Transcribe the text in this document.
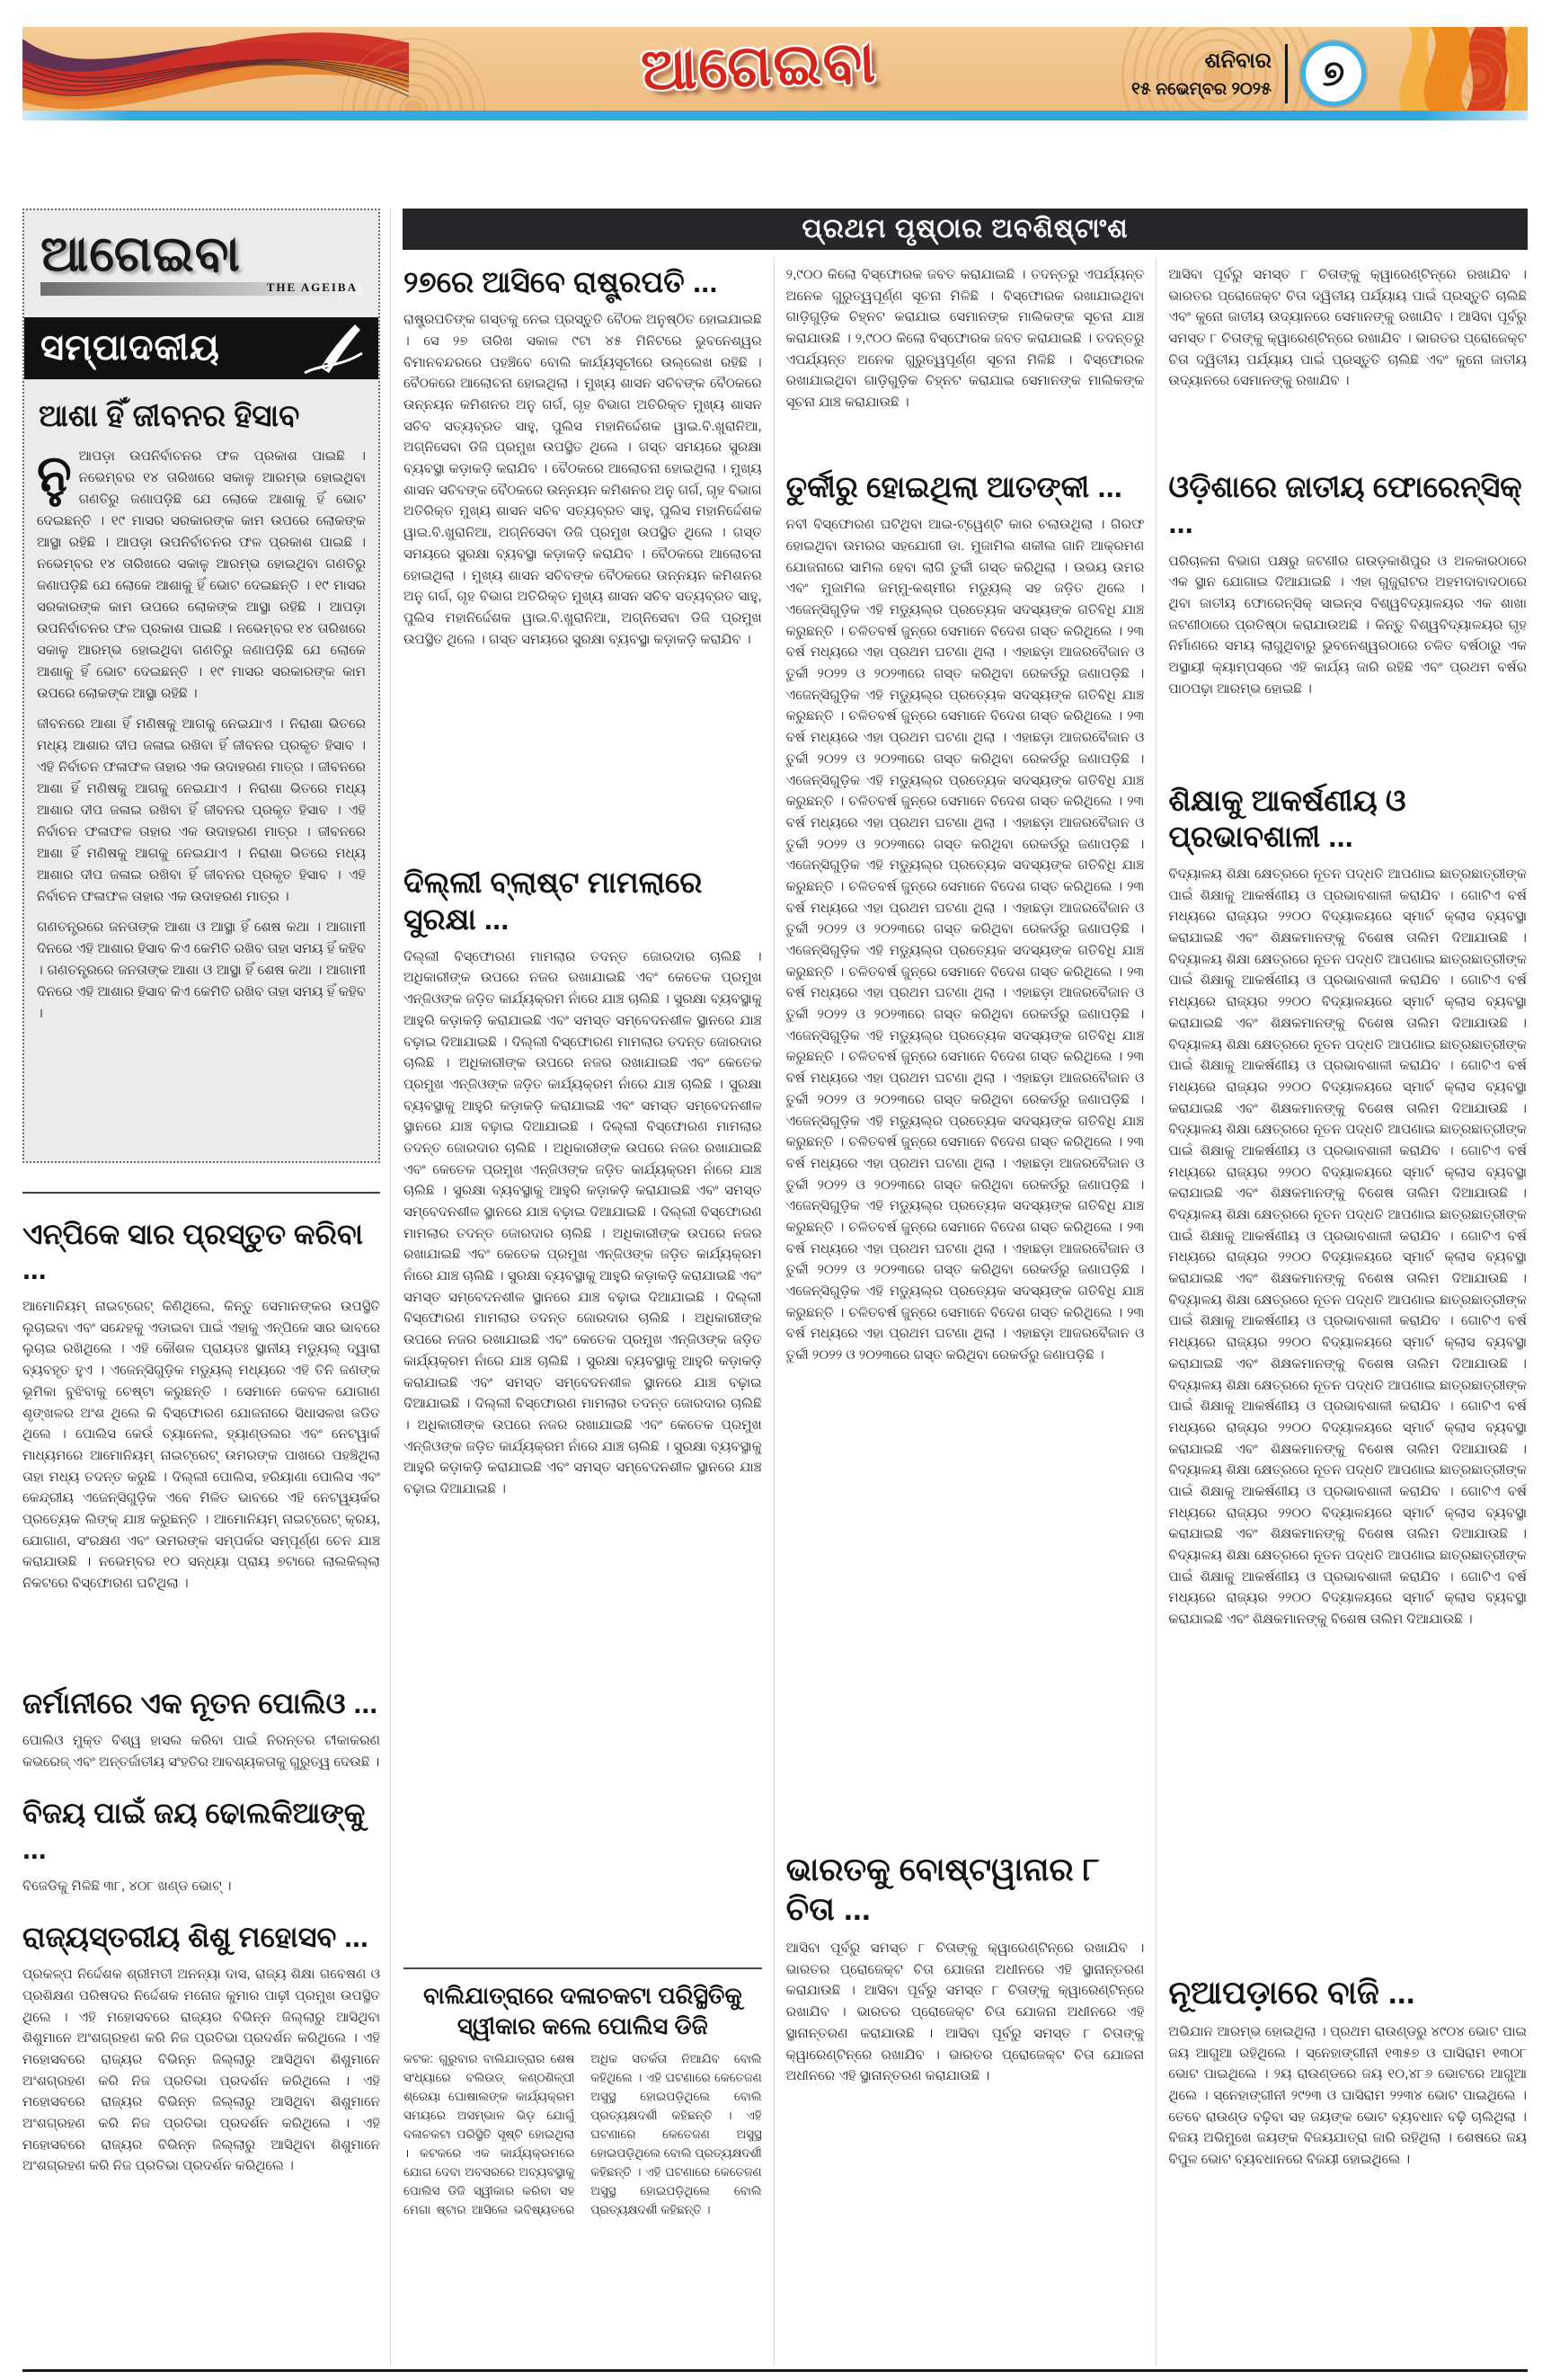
ଆଗେଇବା	ଶନିବାର
୧୫ ନଭେମ୍ବର ୨୦୨୫ ୭
ଆଗେଇବା
THE AGEIBA
ସମ୍ପାଦକୀୟ
ଆଶା ହିଁ ଜୀବନର ହିସାବ

ନୁଆପଡ଼ା ଉପନିର୍ବାଚନର ଫଳ ପ୍ରକାଶ ପାଇଛି । ନଭେମ୍ବର ୧୪ ତାରିଖରେ ସକାଳୁ ଆରମ୍ଭ ହୋଇଥିବା ଗଣତିରୁ ଜଣାପଡ଼ିଛି ଯେ ଲୋକେ ଆଶାକୁ ହିଁ ଭୋଟ ଦେଇଛନ୍ତି । ୧୯ ମାସର ସରକାରଙ୍କ କାମ ଉପରେ ଲୋକଙ୍କ ଆସ୍ଥା ରହିଛି । ଆପଡ଼ା ଉପନିର୍ବାଚନର ଫଳ ପ୍ରକାଶ ପାଇଛି । ନଭେମ୍ବର ୧୪ ତାରିଖରେ ସକାଳୁ ଆରମ୍ଭ ହୋଇଥିବା ଗଣତିରୁ ଜଣାପଡ଼ିଛି ଯେ ଲୋକେ ଆଶାକୁ ହିଁ ଭୋଟ ଦେଇଛନ୍ତି । ୧୯ ମାସର ସରକାରଙ୍କ କାମ ଉପରେ ଲୋକଙ୍କ ଆସ୍ଥା ରହିଛି । ଆପଡ଼ା ଉପନିର୍ବାଚନର ଫଳ ପ୍ରକାଶ ପାଇଛି । ନଭେମ୍ବର ୧୪ ତାରିଖରେ ସକାଳୁ ଆରମ୍ଭ ହୋଇଥିବା ଗଣତିରୁ ଜଣାପଡ଼ିଛି ଯେ ଲୋକେ ଆଶାକୁ ହିଁ ଭୋଟ ଦେଇଛନ୍ତି । ୧୯ ମାସର ସରକାରଙ୍କ କାମ ଉପରେ ଲୋକଙ୍କ ଆସ୍ଥା ରହିଛି ।

ଜୀବନରେ ଆଶା ହିଁ ମଣିଷକୁ ଆଗକୁ ନେଇଯାଏ । ନିରାଶା ଭିତରେ ମଧ୍ୟ ଆଶାର ଦୀପ ଜଳାଇ ରଖିବା ହିଁ ଜୀବନର ପ୍ରକୃତ ହିସାବ । ଏହି ନିର୍ବାଚନ ଫଳାଫଳ ତାହାର ଏକ ଉଦାହରଣ ମାତ୍ର । ଜୀବନରେ ଆଶା ହିଁ ମଣିଷକୁ ଆଗକୁ ନେଇଯାଏ । ନିରାଶା ଭିତରେ ମଧ୍ୟ ଆଶାର ଦୀପ ଜଳାଇ ରଖିବା ହିଁ ଜୀବନର ପ୍ରକୃତ ହିସାବ । ଏହି ନିର୍ବାଚନ ଫଳାଫଳ ତାହାର ଏକ ଉଦାହରଣ ମାତ୍ର । ଜୀବନରେ ଆଶା ହିଁ ମଣିଷକୁ ଆଗକୁ ନେଇଯାଏ । ନିରାଶା ଭିତରେ ମଧ୍ୟ ଆଶାର ଦୀପ ଜଳାଇ ରଖିବା ହିଁ ଜୀବନର ପ୍ରକୃତ ହିସାବ । ଏହି ନିର୍ବାଚନ ଫଳାଫଳ ତାହାର ଏକ ଉଦାହରଣ ମାତ୍ର ।

ଗଣତନ୍ତ୍ରରେ ଜନତାଙ୍କ ଆଶା ଓ ଆସ୍ଥା ହିଁ ଶେଷ କଥା । ଆଗାମୀ ଦିନରେ ଏହି ଆଶାର ହିସାବ କିଏ କେମିତି ରଖିବ ତାହା ସମୟ ହିଁ କହିବ । ଗଣତନ୍ତ୍ରରେ ଜନତାଙ୍କ ଆଶା ଓ ଆସ୍ଥା ହିଁ ଶେଷ କଥା । ଆଗାମୀ ଦିନରେ ଏହି ଆଶାର ହିସାବ କିଏ କେମିତି ରଖିବ ତାହା ସମୟ ହିଁ କହିବ ।

ଏନ୍‌ପିକେ ସାର ପ୍ରସ୍ତୁତ କରିବା ...
ଆମୋନିୟମ୍ ନାଇଟ୍ରେଟ୍ କିଣିଥିଲେ, କିନ୍ତୁ ସେମାନଙ୍କର ଉପସ୍ଥିତି ଲୁଚାଇବା ଏବଂ ସନ୍ଦେହକୁ ଏଡାଇବା ପାଇଁ ଏହାକୁ ଏନ୍‌ପିକେ ସାର ଭାବରେ ଲୁଚାଇ ରଖିଥିଲେ । ଏହି କୌଶଳ ପ୍ରାୟତଃ ସ୍ଥାନୀୟ ମଡ୍ୟୁଲ୍ ଦ୍ୱାରା ବ୍ୟବହୃତ ହୁଏ । ଏଜେନ୍ସିଗୁଡ଼ିକ ମଡ୍ୟୁଲ୍ ମଧ୍ୟରେ ଏହି ତିନି ଜଣଙ୍କ ଭୂମିକା ବୁଝିବାକୁ ଚେଷ୍ଟା କରୁଛନ୍ତି । ସେମାନେ କେବଳ ଯୋଗାଣ ଶୃଙ୍ଖଳର ଅଂଶ ଥିଲେ କି ବିସ୍ଫୋରଣ ଯୋଜନାରେ ସିଧାସଳଖ ଜଡିତ ଥିଲେ । ପୋଲିସ କେଉଁ ଚ୍ୟାନେଲ, ହ୍ୟାଣ୍ଡଲର ଏବଂ ନେଟୱାର୍କ ମାଧ୍ୟମରେ ଆମୋନିୟମ୍ ନାଇଟ୍ରେଟ୍ ଉମରଙ୍କ ପାଖରେ ପହଞ୍ଚିଥିଲା ତାହା ମଧ୍ୟ ତଦନ୍ତ କରୁଛି । ଦିଲ୍ଲୀ ପୋଲିସ, ହରିୟାଣା ପୋଲିସ ଏବଂ କେନ୍ଦ୍ରୀୟ ଏଜେନ୍ସିଗୁଡ଼ିକ ଏବେ ମିଳିତ ଭାବରେ ଏହି ନେଟୱ୍ୟର୍କର ପ୍ରତ୍ୟେକ ଲିଙ୍କ୍ ଯାଞ୍ଚ କରୁଛନ୍ତି । ଆମୋନିୟମ୍ ନାଇଟ୍ରେଟ୍ କ୍ରୟ, ଯୋଗାଣ, ସଂରକ୍ଷଣ ଏବଂ ଉମରଙ୍କ ସମ୍ପର୍କର ସମ୍ପୂର୍ଣ୍ଣ ଚେନ ଯାଞ୍ଚ କରାଯାଉଛି । ନଭେମ୍ବର ୧୦ ସନ୍ଧ୍ୟା ପ୍ରାୟ ୭ଟାରେ ଲାଲକିଲ୍ଲା ନିକଟରେ ବିସ୍ଫୋରଣ ଘଟିଥିଲା ।
ଜର୍ମାନୀରେ ଏକ ନୂତନ ପୋଲିଓ ...
ପୋଲିଓ ମୁକ୍ତ ବିଶ୍ୱ ହାସଲ କରିବା ପାଇଁ ନିରନ୍ତର ଟୀକାକରଣ କଭରେଜ୍ ଏବଂ ଅନ୍ତର୍ଜାତୀୟ ସଂହତିର ଆବଶ୍ୟକତାକୁ ଗୁରୁତ୍ୱ ଦେଉଛି ।
ବିଜୟ ପାଇଁ ଜୟ ଢୋଲକିଆଙ୍କୁ ...
ବିଜେଡିକୁ ମିଳିଛି ୩୮, ୪୦୮ ଖଣ୍ଡ ଭୋଟ୍ ।
ରାଜ୍ୟସ୍ତରୀୟ ଶିଶୁ ମହୋସବ ...
ପ୍ରକଳ୍ପ ନିର୍ଦ୍ଦେଶକ ଶ୍ରୀମତୀ ଅନନ୍ୟା ଦାସ, ରାଜ୍ୟ ଶିକ୍ଷା ଗବେଷଣ ଓ ପ୍ରଶିକ୍ଷଣ ପରିଷଦର ନିର୍ଦ୍ଦେଶକ ମନୋଜ କୁମାର ପାଢ଼ୀ ପ୍ରମୁଖ ଉପସ୍ଥିତ ଥିଲେ । ଏହି ମହୋସବରେ ରାଜ୍ୟର ବିଭିନ୍ନ ଜିଲ୍ଲାରୁ ଆସିଥିବା ଶିଶୁମାନେ ଅଂଶଗ୍ରହଣ କରି ନିଜ ପ୍ରତିଭା ପ୍ରଦର୍ଶନ କରିଥିଲେ । ଏହି ମହୋସବରେ ରାଜ୍ୟର ବିଭିନ୍ନ ଜିଲ୍ଲାରୁ ଆସିଥିବା ଶିଶୁମାନେ ଅଂଶଗ୍ରହଣ କରି ନିଜ ପ୍ରତିଭା ପ୍ରଦର୍ଶନ କରିଥିଲେ । ଏହି ମହୋସବରେ ରାଜ୍ୟର ବିଭିନ୍ନ ଜିଲ୍ଲାରୁ ଆସିଥିବା ଶିଶୁମାନେ ଅଂଶଗ୍ରହଣ କରି ନିଜ ପ୍ରତିଭା ପ୍ରଦର୍ଶନ କରିଥିଲେ । ଏହି ମହୋସବରେ ରାଜ୍ୟର ବିଭିନ୍ନ ଜିଲ୍ଲାରୁ ଆସିଥିବା ଶିଶୁମାନେ ଅଂଶଗ୍ରହଣ କରି ନିଜ ପ୍ରତିଭା ପ୍ରଦର୍ଶନ କରିଥିଲେ ।
ପ୍ରଥମ ପୃଷ୍ଠାର ଅବଶିଷ୍ଟାଂଶ
୨୭ରେ ଆସିବେ ରାଷ୍ଟ୍ରପତି ...
ରାଷ୍ଟ୍ରପତିଙ୍କ ଗସ୍ତକୁ ନେଇ ପ୍ରସ୍ତୁତି ବୈଠକ ଅନୁଷ୍ଠିତ ହୋଇଯାଇଛି । ସେ ୨୭ ତାରିଖ ସକାଳ ୯ଟା ୪୫ ମିନିଟରେ ଭୁବନେଶ୍ୱର ବିମାନବନ୍ଦରରେ ପହଞ୍ଚିବେ ବୋଲି କାର୍ଯ୍ୟସୂଚୀରେ ଉଲ୍ଲେଖ ରହିଛି । ବୈଠକରେ ଆଲୋଚନା ହୋଇଥିଲା । ମୁଖ୍ୟ ଶାସନ ସଚିବଙ୍କ ବୈଠକରେ ଉନ୍ନୟନ କମିଶନର ଅନୁ ଗର୍ଗ, ଗୃହ ବିଭାଗ ଅତିରିକ୍ତ ମୁଖ୍ୟ ଶାସନ ସଚିବ ସତ୍ୟବ୍ରତ ସାହୁ, ପୁଲିସ ମହାନିର୍ଦ୍ଦେଶକ ୱାଇ.ବି.ଖୁରାନିଆ, ଅଗ୍ନିସେବା ଡିଜି ପ୍ରମୁଖ ଉପସ୍ଥିତ ଥିଲେ । ଗସ୍ତ ସମୟରେ ସୁରକ୍ଷା ବ୍ୟବସ୍ଥା କଡ଼ାକଡ଼ି କରାଯିବ । ବୈଠକରେ ଆଲୋଚନା ହୋଇଥିଲା । ମୁଖ୍ୟ ଶାସନ ସଚିବଙ୍କ ବୈଠକରେ ଉନ୍ନୟନ କମିଶନର ଅନୁ ଗର୍ଗ, ଗୃହ ବିଭାଗ ଅତିରିକ୍ତ ମୁଖ୍ୟ ଶାସନ ସଚିବ ସତ୍ୟବ୍ରତ ସାହୁ, ପୁଲିସ ମହାନିର୍ଦ୍ଦେଶକ ୱାଇ.ବି.ଖୁରାନିଆ, ଅଗ୍ନିସେବା ଡିଜି ପ୍ରମୁଖ ଉପସ୍ଥିତ ଥିଲେ । ଗସ୍ତ ସମୟରେ ସୁରକ୍ଷା ବ୍ୟବସ୍ଥା କଡ଼ାକଡ଼ି କରାଯିବ । ବୈଠକରେ ଆଲୋଚନା ହୋଇଥିଲା । ମୁଖ୍ୟ ଶାସନ ସଚିବଙ୍କ ବୈଠକରେ ଉନ୍ନୟନ କମିଶନର ଅନୁ ଗର୍ଗ, ଗୃହ ବିଭାଗ ଅତିରିକ୍ତ ମୁଖ୍ୟ ଶାସନ ସଚିବ ସତ୍ୟବ୍ରତ ସାହୁ, ପୁଲିସ ମହାନିର୍ଦ୍ଦେଶକ ୱାଇ.ବି.ଖୁରାନିଆ, ଅଗ୍ନିସେବା ଡିଜି ପ୍ରମୁଖ ଉପସ୍ଥିତ ଥିଲେ । ଗସ୍ତ ସମୟରେ ସୁରକ୍ଷା ବ୍ୟବସ୍ଥା କଡ଼ାକଡ଼ି କରାଯିବ ।
ଦିଲ୍ଲୀ ବ୍ଲାଷ୍ଟ ମାମଲାରେ ସୁରକ୍ଷା ...
ଦିଲ୍ଲୀ ବିସ୍ଫୋରଣ ମାମଲାର ତଦନ୍ତ ଜୋରଦାର ଚାଲିଛି । ଅଧିକାରୀଙ୍କ ଉପରେ ନଜର ରଖାଯାଇଛି ଏବଂ କେତେକ ପ୍ରମୁଖ ଏନ୍‌ଜିଓଙ୍କ ଜଡ଼ିତ କାର୍ଯ୍ୟକ୍ରମ ନାଁରେ ଯାଞ୍ଚ ଚାଲିଛି । ସୁରକ୍ଷା ବ୍ୟବସ୍ଥାକୁ ଆହୁରି କଡ଼ାକଡ଼ି କରାଯାଇଛି ଏବଂ ସମସ୍ତ ସମ୍ବେଦନଶୀଳ ସ୍ଥାନରେ ଯାଞ୍ଚ ବଢ଼ାଇ ଦିଆଯାଇଛି । ଦିଲ୍ଲୀ ବିସ୍ଫୋରଣ ମାମଲାର ତଦନ୍ତ ଜୋରଦାର ଚାଲିଛି । ଅଧିକାରୀଙ୍କ ଉପରେ ନଜର ରଖାଯାଇଛି ଏବଂ କେତେକ ପ୍ରମୁଖ ଏନ୍‌ଜିଓଙ୍କ ଜଡ଼ିତ କାର୍ଯ୍ୟକ୍ରମ ନାଁରେ ଯାଞ୍ଚ ଚାଲିଛି । ସୁରକ୍ଷା ବ୍ୟବସ୍ଥାକୁ ଆହୁରି କଡ଼ାକଡ଼ି କରାଯାଇଛି ଏବଂ ସମସ୍ତ ସମ୍ବେଦନଶୀଳ ସ୍ଥାନରେ ଯାଞ୍ଚ ବଢ଼ାଇ ଦିଆଯାଇଛି । ଦିଲ୍ଲୀ ବିସ୍ଫୋରଣ ମାମଲାର ତଦନ୍ତ ଜୋରଦାର ଚାଲିଛି । ଅଧିକାରୀଙ୍କ ଉପରେ ନଜର ରଖାଯାଇଛି ଏବଂ କେତେକ ପ୍ରମୁଖ ଏନ୍‌ଜିଓଙ୍କ ଜଡ଼ିତ କାର୍ଯ୍ୟକ୍ରମ ନାଁରେ ଯାଞ୍ଚ ଚାଲିଛି । ସୁରକ୍ଷା ବ୍ୟବସ୍ଥାକୁ ଆହୁରି କଡ଼ାକଡ଼ି କରାଯାଇଛି ଏବଂ ସମସ୍ତ ସମ୍ବେଦନଶୀଳ ସ୍ଥାନରେ ଯାଞ୍ଚ ବଢ଼ାଇ ଦିଆଯାଇଛି । ଦିଲ୍ଲୀ ବିସ୍ଫୋରଣ ମାମଲାର ତଦନ୍ତ ଜୋରଦାର ଚାଲିଛି । ଅଧିକାରୀଙ୍କ ଉପରେ ନଜର ରଖାଯାଇଛି ଏବଂ କେତେକ ପ୍ରମୁଖ ଏନ୍‌ଜିଓଙ୍କ ଜଡ଼ିତ କାର୍ଯ୍ୟକ୍ରମ ନାଁରେ ଯାଞ୍ଚ ଚାଲିଛି । ସୁରକ୍ଷା ବ୍ୟବସ୍ଥାକୁ ଆହୁରି କଡ଼ାକଡ଼ି କରାଯାଇଛି ଏବଂ ସମସ୍ତ ସମ୍ବେଦନଶୀଳ ସ୍ଥାନରେ ଯାଞ୍ଚ ବଢ଼ାଇ ଦିଆଯାଇଛି । ଦିଲ୍ଲୀ ବିସ୍ଫୋରଣ ମାମଲାର ତଦନ୍ତ ଜୋରଦାର ଚାଲିଛି । ଅଧିକାରୀଙ୍କ ଉପରେ ନଜର ରଖାଯାଇଛି ଏବଂ କେତେକ ପ୍ରମୁଖ ଏନ୍‌ଜିଓଙ୍କ ଜଡ଼ିତ କାର୍ଯ୍ୟକ୍ରମ ନାଁରେ ଯାଞ୍ଚ ଚାଲିଛି । ସୁରକ୍ଷା ବ୍ୟବସ୍ଥାକୁ ଆହୁରି କଡ଼ାକଡ଼ି କରାଯାଇଛି ଏବଂ ସମସ୍ତ ସମ୍ବେଦନଶୀଳ ସ୍ଥାନରେ ଯାଞ୍ଚ ବଢ଼ାଇ ଦିଆଯାଇଛି । ଦିଲ୍ଲୀ ବିସ୍ଫୋରଣ ମାମଲାର ତଦନ୍ତ ଜୋରଦାର ଚାଲିଛି । ଅଧିକାରୀଙ୍କ ଉପରେ ନଜର ରଖାଯାଇଛି ଏବଂ କେତେକ ପ୍ରମୁଖ ଏନ୍‌ଜିଓଙ୍କ ଜଡ଼ିତ କାର୍ଯ୍ୟକ୍ରମ ନାଁରେ ଯାଞ୍ଚ ଚାଲିଛି । ସୁରକ୍ଷା ବ୍ୟବସ୍ଥାକୁ ଆହୁରି କଡ଼ାକଡ଼ି କରାଯାଇଛି ଏବଂ ସମସ୍ତ ସମ୍ବେଦନଶୀଳ ସ୍ଥାନରେ ଯାଞ୍ଚ ବଢ଼ାଇ ଦିଆଯାଇଛି ।
ବାଲିଯାତ୍ରାରେ ଦଳାଚକଟା ପରିସ୍ଥିତିକୁ ସ୍ୱୀକାର କଲେ ପୋଲିସ ଡିଜି
କଟକ: ଗୁରୁବାର ବାଲିଯାତ୍ରାର ଶେଷ ସଂଧ୍ୟାରେ ବଲିଉଡ୍ କଣ୍ଠଶିଳ୍ପୀ ଶ୍ରେୟା ଘୋଷାଲଙ୍କ କାର୍ଯ୍ୟକ୍ରମ ସମୟରେ ଅସମ୍ଭାଳ ଭିଡ଼ ଯୋଗୁଁ ଦଳାଚକଟା ପରିସ୍ଥିତି ସୃଷ୍ଟି ହୋଇଥିଲା । କଟକରେ ଏକ କାର୍ଯ୍ୟକ୍ରମରେ ଯୋଗ ଦେବା ଅବସରରେ ଅବ୍ୟବସ୍ଥାକୁ ପୋଲିସ ଡିଜି ସ୍ୱୀକାର କରିବା ସହ ମେଗା ଷ୍ଟାର ଆସିଲେ ଭବିଷ୍ୟତରେ ଅଧିକ ସତର୍କତା ନିଆଯିବ ବୋଲି କହିଥିଲେ । ଏହି ଘଟଣାରେ କେତେଜଣ ଅସୁସ୍ଥ ହୋଇପଡ଼ିଥିଲେ ବୋଲି ପ୍ରତ୍ୟକ୍ଷଦର୍ଶୀ କହିଛନ୍ତି । ଏହି ଘଟଣାରେ କେତେଜଣ ଅସୁସ୍ଥ ହୋଇପଡ଼ିଥିଲେ ବୋଲି ପ୍ରତ୍ୟକ୍ଷଦର୍ଶୀ କହିଛନ୍ତି । ଏହି ଘଟଣାରେ କେତେଜଣ ଅସୁସ୍ଥ ହୋଇପଡ଼ିଥିଲେ ବୋଲି ପ୍ରତ୍ୟକ୍ଷଦର୍ଶୀ କହିଛନ୍ତି ।
୨,୯୦୦ କିଲୋ ବିସ୍ଫୋରକ ଜବତ କରାଯାଇଛି । ତଦନ୍ତରୁ ଏପର୍ଯ୍ୟନ୍ତ ଅନେକ ଗୁରୁତ୍ୱପୂର୍ଣ୍ଣ ସୂଚନା ମିଳିଛି । ବିସ୍ଫୋରକ ରଖାଯାଇଥିବା ଗାଡ଼ିଗୁଡ଼ିକ ଚିହ୍ନଟ କରାଯାଇ ସେମାନଙ୍କ ମାଲିକଙ୍କ ସୂଚନା ଯାଞ୍ଚ କରାଯାଉଛି । ୨,୯୦୦ କିଲୋ ବିସ୍ଫୋରକ ଜବତ କରାଯାଇଛି । ତଦନ୍ତରୁ ଏପର୍ଯ୍ୟନ୍ତ ଅନେକ ଗୁରୁତ୍ୱପୂର୍ଣ୍ଣ ସୂଚନା ମିଳିଛି । ବିସ୍ଫୋରକ ରଖାଯାଇଥିବା ଗାଡ଼ିଗୁଡ଼ିକ ଚିହ୍ନଟ କରାଯାଇ ସେମାନଙ୍କ ମାଲିକଙ୍କ ସୂଚନା ଯାଞ୍ଚ କରାଯାଉଛି ।
ତୁର୍କୀରୁ ହୋଇଥିଲା ଆତଙ୍କୀ ...
ନବୀ ବିସ୍ଫୋରଣ ଘଟିଥିବା ଆଇ-ଟ୍ୱେଣ୍ଟି କାର ଚଲାଉଥିଲା । ଗିରଫ ହୋଇଥିବା ଉମରର ସହଯୋଗୀ ଡା. ମୁଜାମିଲ ଶକୀଲ ଗାନି ଆକ୍ରମଣ ଯୋଜନାରେ ସାମିଲ ହେବା ଲାଗି ତୁର୍କୀ ଗସ୍ତ କରିଥିଲା । ଉଭୟ ଉମର ଏବଂ ମୁଜାମିଲ ଜମ୍ମୁ-କଶ୍ମୀର ମଡ୍ୟୁଲ୍ ସହ ଜଡ଼ିତ ଥିଲେ । ଏଜେନ୍ସିଗୁଡ଼ିକ ଏହି ମଡ୍ୟୁଲ୍‌ର ପ୍ରତ୍ୟେକ ସଦସ୍ୟଙ୍କ ଗତିବିଧି ଯାଞ୍ଚ କରୁଛନ୍ତି । ଚଳିତବର୍ଷ ଜୁନ୍‌ରେ ସେମାନେ ବିଦେଶ ଗସ୍ତ କରିଥିଲେ । ୨୩ ବର୍ଷ ମଧ୍ୟରେ ଏହା ପ୍ରଥମ ଘଟଣା ଥିଲା । ଏହାଛଡ଼ା ଆଜରବୈଜାନ ଓ ତୁର୍କୀ ୨୦୨୨ ଓ ୨୦୨୩ରେ ଗସ୍ତ କରିଥିବା ରେକର୍ଡରୁ ଜଣାପଡ଼ିଛି । ଏଜେନ୍ସିଗୁଡ଼ିକ ଏହି ମଡ୍ୟୁଲ୍‌ର ପ୍ରତ୍ୟେକ ସଦସ୍ୟଙ୍କ ଗତିବିଧି ଯାଞ୍ଚ କରୁଛନ୍ତି । ଚଳିତବର୍ଷ ଜୁନ୍‌ରେ ସେମାନେ ବିଦେଶ ଗସ୍ତ କରିଥିଲେ । ୨୩ ବର୍ଷ ମଧ୍ୟରେ ଏହା ପ୍ରଥମ ଘଟଣା ଥିଲା । ଏହାଛଡ଼ା ଆଜରବୈଜାନ ଓ ତୁର୍କୀ ୨୦୨୨ ଓ ୨୦୨୩ରେ ଗସ୍ତ କରିଥିବା ରେକର୍ଡରୁ ଜଣାପଡ଼ିଛି । ଏଜେନ୍ସିଗୁଡ଼ିକ ଏହି ମଡ୍ୟୁଲ୍‌ର ପ୍ରତ୍ୟେକ ସଦସ୍ୟଙ୍କ ଗତିବିଧି ଯାଞ୍ଚ କରୁଛନ୍ତି । ଚଳିତବର୍ଷ ଜୁନ୍‌ରେ ସେମାନେ ବିଦେଶ ଗସ୍ତ କରିଥିଲେ । ୨୩ ବର୍ଷ ମଧ୍ୟରେ ଏହା ପ୍ରଥମ ଘଟଣା ଥିଲା । ଏହାଛଡ଼ା ଆଜରବୈଜାନ ଓ ତୁର୍କୀ ୨୦୨୨ ଓ ୨୦୨୩ରେ ଗସ୍ତ କରିଥିବା ରେକର୍ଡରୁ ଜଣାପଡ଼ିଛି । ଏଜେନ୍ସିଗୁଡ଼ିକ ଏହି ମଡ୍ୟୁଲ୍‌ର ପ୍ରତ୍ୟେକ ସଦସ୍ୟଙ୍କ ଗତିବିଧି ଯାଞ୍ଚ କରୁଛନ୍ତି । ଚଳିତବର୍ଷ ଜୁନ୍‌ରେ ସେମାନେ ବିଦେଶ ଗସ୍ତ କରିଥିଲେ । ୨୩ ବର୍ଷ ମଧ୍ୟରେ ଏହା ପ୍ରଥମ ଘଟଣା ଥିଲା । ଏହାଛଡ଼ା ଆଜରବୈଜାନ ଓ ତୁର୍କୀ ୨୦୨୨ ଓ ୨୦୨୩ରେ ଗସ୍ତ କରିଥିବା ରେକର୍ଡରୁ ଜଣାପଡ଼ିଛି । ଏଜେନ୍ସିଗୁଡ଼ିକ ଏହି ମଡ୍ୟୁଲ୍‌ର ପ୍ରତ୍ୟେକ ସଦସ୍ୟଙ୍କ ଗତିବିଧି ଯାଞ୍ଚ କରୁଛନ୍ତି । ଚଳିତବର୍ଷ ଜୁନ୍‌ରେ ସେମାନେ ବିଦେଶ ଗସ୍ତ କରିଥିଲେ । ୨୩ ବର୍ଷ ମଧ୍ୟରେ ଏହା ପ୍ରଥମ ଘଟଣା ଥିଲା । ଏହାଛଡ଼ା ଆଜରବୈଜାନ ଓ ତୁର୍କୀ ୨୦୨୨ ଓ ୨୦୨୩ରେ ଗସ୍ତ କରିଥିବା ରେକର୍ଡରୁ ଜଣାପଡ଼ିଛି । ଏଜେନ୍ସିଗୁଡ଼ିକ ଏହି ମଡ୍ୟୁଲ୍‌ର ପ୍ରତ୍ୟେକ ସଦସ୍ୟଙ୍କ ଗତିବିଧି ଯାଞ୍ଚ କରୁଛନ୍ତି । ଚଳିତବର୍ଷ ଜୁନ୍‌ରେ ସେମାନେ ବିଦେଶ ଗସ୍ତ କରିଥିଲେ । ୨୩ ବର୍ଷ ମଧ୍ୟରେ ଏହା ପ୍ରଥମ ଘଟଣା ଥିଲା । ଏହାଛଡ଼ା ଆଜରବୈଜାନ ଓ ତୁର୍କୀ ୨୦୨୨ ଓ ୨୦୨୩ରେ ଗସ୍ତ କରିଥିବା ରେକର୍ଡରୁ ଜଣାପଡ଼ିଛି । ଏଜେନ୍ସିଗୁଡ଼ିକ ଏହି ମଡ୍ୟୁଲ୍‌ର ପ୍ରତ୍ୟେକ ସଦସ୍ୟଙ୍କ ଗତିବିଧି ଯାଞ୍ଚ କରୁଛନ୍ତି । ଚଳିତବର୍ଷ ଜୁନ୍‌ରେ ସେମାନେ ବିଦେଶ ଗସ୍ତ କରିଥିଲେ । ୨୩ ବର୍ଷ ମଧ୍ୟରେ ଏହା ପ୍ରଥମ ଘଟଣା ଥିଲା । ଏହାଛଡ଼ା ଆଜରବୈଜାନ ଓ ତୁର୍କୀ ୨୦୨୨ ଓ ୨୦୨୩ରେ ଗସ୍ତ କରିଥିବା ରେକର୍ଡରୁ ଜଣାପଡ଼ିଛି । ଏଜେନ୍ସିଗୁଡ଼ିକ ଏହି ମଡ୍ୟୁଲ୍‌ର ପ୍ରତ୍ୟେକ ସଦସ୍ୟଙ୍କ ଗତିବିଧି ଯାଞ୍ଚ କରୁଛନ୍ତି । ଚଳିତବର୍ଷ ଜୁନ୍‌ରେ ସେମାନେ ବିଦେଶ ଗସ୍ତ କରିଥିଲେ । ୨୩ ବର୍ଷ ମଧ୍ୟରେ ଏହା ପ୍ରଥମ ଘଟଣା ଥିଲା । ଏହାଛଡ଼ା ଆଜରବୈଜାନ ଓ ତୁର୍କୀ ୨୦୨୨ ଓ ୨୦୨୩ରେ ଗସ୍ତ କରିଥିବା ରେକର୍ଡରୁ ଜଣାପଡ଼ିଛି । ଏଜେନ୍ସିଗୁଡ଼ିକ ଏହି ମଡ୍ୟୁଲ୍‌ର ପ୍ରତ୍ୟେକ ସଦସ୍ୟଙ୍କ ଗତିବିଧି ଯାଞ୍ଚ କରୁଛନ୍ତି । ଚଳିତବର୍ଷ ଜୁନ୍‌ରେ ସେମାନେ ବିଦେଶ ଗସ୍ତ କରିଥିଲେ । ୨୩ ବର୍ଷ ମଧ୍ୟରେ ଏହା ପ୍ରଥମ ଘଟଣା ଥିଲା । ଏହାଛଡ଼ା ଆଜରବୈଜାନ ଓ ତୁର୍କୀ ୨୦୨୨ ଓ ୨୦୨୩ରେ ଗସ୍ତ କରିଥିବା ରେକର୍ଡରୁ ଜଣାପଡ଼ିଛି ।
ଭାରତକୁ ବୋଷ୍ଟୱାନାର ୮ ଚିତା ...
ଆସିବା ପୂର୍ବରୁ ସମସ୍ତ ୮ ଚିତାଙ୍କୁ କ୍ୱାରେଣ୍ଟିନ୍‌ରେ ରଖାଯିବ । ଭାରତର ପ୍ରୋଜେକ୍ଟ ଚିତା ଯୋଜନା ଅଧୀନରେ ଏହି ସ୍ଥାନାନ୍ତରଣ କରାଯାଉଛି । ଆସିବା ପୂର୍ବରୁ ସମସ୍ତ ୮ ଚିତାଙ୍କୁ କ୍ୱାରେଣ୍ଟିନ୍‌ରେ ରଖାଯିବ । ଭାରତର ପ୍ରୋଜେକ୍ଟ ଚିତା ଯୋଜନା ଅଧୀନରେ ଏହି ସ୍ଥାନାନ୍ତରଣ କରାଯାଉଛି । ଆସିବା ପୂର୍ବରୁ ସମସ୍ତ ୮ ଚିତାଙ୍କୁ କ୍ୱାରେଣ୍ଟିନ୍‌ରେ ରଖାଯିବ । ଭାରତର ପ୍ରୋଜେକ୍ଟ ଚିତା ଯୋଜନା ଅଧୀନରେ ଏହି ସ୍ଥାନାନ୍ତରଣ କରାଯାଉଛି ।
ଆସିବା ପୂର୍ବରୁ ସମସ୍ତ ୮ ଚିତାଙ୍କୁ କ୍ୱାରେଣ୍ଟିନ୍‌ରେ ରଖାଯିବ । ଭାରତର ପ୍ରୋଜେକ୍ଟ ଚିତା ଦ୍ୱିତୀୟ ପର୍ଯ୍ୟାୟ ପାଇଁ ପ୍ରସ୍ତୁତି ଚାଲିଛି ଏବଂ କୁନୋ ଜାତୀୟ ଉଦ୍ୟାନରେ ସେମାନଙ୍କୁ ରଖାଯିବ । ଆସିବା ପୂର୍ବରୁ ସମସ୍ତ ୮ ଚିତାଙ୍କୁ କ୍ୱାରେଣ୍ଟିନ୍‌ରେ ରଖାଯିବ । ଭାରତର ପ୍ରୋଜେକ୍ଟ ଚିତା ଦ୍ୱିତୀୟ ପର୍ଯ୍ୟାୟ ପାଇଁ ପ୍ରସ୍ତୁତି ଚାଲିଛି ଏବଂ କୁନୋ ଜାତୀୟ ଉଦ୍ୟାନରେ ସେମାନଙ୍କୁ ରଖାଯିବ ।
ଓଡ଼ିଶାରେ ଜାତୀୟ ଫୋରେନ୍ସିକ୍ ...
ପରିଚାଳନା ବିଭାଗ ପକ୍ଷରୁ ଜଟଣୀର ଗଉଡ଼କାଶିପୁର ଓ ଅଳକାରଠାରେ ଏକ ସ୍ଥାନ ଯୋଗାଇ ଦିଆଯାଇଛି । ଏହା ଗୁଜୁରାଟର ଅହମଦାବାଦଠାରେ ଥିବା ଜାତୀୟ ଫୋରେନ୍ସିକ୍ ସାଇନ୍ସ ବିଶ୍ୱବିଦ୍ୟାଳୟର ଏକ ଶାଖା ଜଟଣୀଠାରେ ପ୍ରତିଷ୍ଠା କରାଯାଉଅଛି । କିନ୍ତୁ ବିଶ୍ୱବିଦ୍ୟାଳୟର ଗୃହ ନିର୍ମାଣରେ ସମୟ ଲାଗୁଥିବାରୁ ଭୁବନେଶ୍ୱରଠାରେ ଚଳିତ ବର୍ଷଠାରୁ ଏକ ଅସ୍ଥାୟୀ କ୍ୟାମ୍ପସ୍‌ରେ ଏହି କାର୍ଯ୍ୟ ଜାରି ରହିଛି ଏବଂ ପ୍ରଥମ ବର୍ଷର ପାଠପଢ଼ା ଆରମ୍ଭ ହୋଇଛି ।
ଶିକ୍ଷାକୁ ଆକର୍ଷଣୀୟ ଓ ପ୍ରଭାବଶାଳୀ ...
ବିଦ୍ୟାଳୟ ଶିକ୍ଷା କ୍ଷେତ୍ରରେ ନୂତନ ପଦ୍ଧତି ଆପଣାଇ ଛାତ୍ରଛାତ୍ରୀଙ୍କ ପାଇଁ ଶିକ୍ଷାକୁ ଆକର୍ଷଣୀୟ ଓ ପ୍ରଭାବଶାଳୀ କରାଯିବ । ଗୋଟିଏ ବର୍ଷ ମଧ୍ୟରେ ରାଜ୍ୟର ୨୨୦୦ ବିଦ୍ୟାଳୟରେ ସ୍ମାର୍ଟ କ୍ଲାସ ବ୍ୟବସ୍ଥା କରାଯାଇଛି ଏବଂ ଶିକ୍ଷକମାନଙ୍କୁ ବିଶେଷ ତାଲିମ ଦିଆଯାଉଛି । ବିଦ୍ୟାଳୟ ଶିକ୍ଷା କ୍ଷେତ୍ରରେ ନୂତନ ପଦ୍ଧତି ଆପଣାଇ ଛାତ୍ରଛାତ୍ରୀଙ୍କ ପାଇଁ ଶିକ୍ଷାକୁ ଆକର୍ଷଣୀୟ ଓ ପ୍ରଭାବଶାଳୀ କରାଯିବ । ଗୋଟିଏ ବର୍ଷ ମଧ୍ୟରେ ରାଜ୍ୟର ୨୨୦୦ ବିଦ୍ୟାଳୟରେ ସ୍ମାର୍ଟ କ୍ଲାସ ବ୍ୟବସ୍ଥା କରାଯାଇଛି ଏବଂ ଶିକ୍ଷକମାନଙ୍କୁ ବିଶେଷ ତାଲିମ ଦିଆଯାଉଛି । ବିଦ୍ୟାଳୟ ଶିକ୍ଷା କ୍ଷେତ୍ରରେ ନୂତନ ପଦ୍ଧତି ଆପଣାଇ ଛାତ୍ରଛାତ୍ରୀଙ୍କ ପାଇଁ ଶିକ୍ଷାକୁ ଆକର୍ଷଣୀୟ ଓ ପ୍ରଭାବଶାଳୀ କରାଯିବ । ଗୋଟିଏ ବର୍ଷ ମଧ୍ୟରେ ରାଜ୍ୟର ୨୨୦୦ ବିଦ୍ୟାଳୟରେ ସ୍ମାର୍ଟ କ୍ଲାସ ବ୍ୟବସ୍ଥା କରାଯାଇଛି ଏବଂ ଶିକ୍ଷକମାନଙ୍କୁ ବିଶେଷ ତାଲିମ ଦିଆଯାଉଛି । ବିଦ୍ୟାଳୟ ଶିକ୍ଷା କ୍ଷେତ୍ରରେ ନୂତନ ପଦ୍ଧତି ଆପଣାଇ ଛାତ୍ରଛାତ୍ରୀଙ୍କ ପାଇଁ ଶିକ୍ଷାକୁ ଆକର୍ଷଣୀୟ ଓ ପ୍ରଭାବଶାଳୀ କରାଯିବ । ଗୋଟିଏ ବର୍ଷ ମଧ୍ୟରେ ରାଜ୍ୟର ୨୨୦୦ ବିଦ୍ୟାଳୟରେ ସ୍ମାର୍ଟ କ୍ଲାସ ବ୍ୟବସ୍ଥା କରାଯାଇଛି ଏବଂ ଶିକ୍ଷକମାନଙ୍କୁ ବିଶେଷ ତାଲିମ ଦିଆଯାଉଛି । ବିଦ୍ୟାଳୟ ଶିକ୍ଷା କ୍ଷେତ୍ରରେ ନୂତନ ପଦ୍ଧତି ଆପଣାଇ ଛାତ୍ରଛାତ୍ରୀଙ୍କ ପାଇଁ ଶିକ୍ଷାକୁ ଆକର୍ଷଣୀୟ ଓ ପ୍ରଭାବଶାଳୀ କରାଯିବ । ଗୋଟିଏ ବର୍ଷ ମଧ୍ୟରେ ରାଜ୍ୟର ୨୨୦୦ ବିଦ୍ୟାଳୟରେ ସ୍ମାର୍ଟ କ୍ଲାସ ବ୍ୟବସ୍ଥା କରାଯାଇଛି ଏବଂ ଶିକ୍ଷକମାନଙ୍କୁ ବିଶେଷ ତାଲିମ ଦିଆଯାଉଛି । ବିଦ୍ୟାଳୟ ଶିକ୍ଷା କ୍ଷେତ୍ରରେ ନୂତନ ପଦ୍ଧତି ଆପଣାଇ ଛାତ୍ରଛାତ୍ରୀଙ୍କ ପାଇଁ ଶିକ୍ଷାକୁ ଆକର୍ଷଣୀୟ ଓ ପ୍ରଭାବଶାଳୀ କରାଯିବ । ଗୋଟିଏ ବର୍ଷ ମଧ୍ୟରେ ରାଜ୍ୟର ୨୨୦୦ ବିଦ୍ୟାଳୟରେ ସ୍ମାର୍ଟ କ୍ଲାସ ବ୍ୟବସ୍ଥା କରାଯାଇଛି ଏବଂ ଶିକ୍ଷକମାନଙ୍କୁ ବିଶେଷ ତାଲିମ ଦିଆଯାଉଛି । ବିଦ୍ୟାଳୟ ଶିକ୍ଷା କ୍ଷେତ୍ରରେ ନୂତନ ପଦ୍ଧତି ଆପଣାଇ ଛାତ୍ରଛାତ୍ରୀଙ୍କ ପାଇଁ ଶିକ୍ଷାକୁ ଆକର୍ଷଣୀୟ ଓ ପ୍ରଭାବଶାଳୀ କରାଯିବ । ଗୋଟିଏ ବର୍ଷ ମଧ୍ୟରେ ରାଜ୍ୟର ୨୨୦୦ ବିଦ୍ୟାଳୟରେ ସ୍ମାର୍ଟ କ୍ଲାସ ବ୍ୟବସ୍ଥା କରାଯାଇଛି ଏବଂ ଶିକ୍ଷକମାନଙ୍କୁ ବିଶେଷ ତାଲିମ ଦିଆଯାଉଛି । ବିଦ୍ୟାଳୟ ଶିକ୍ଷା କ୍ଷେତ୍ରରେ ନୂତନ ପଦ୍ଧତି ଆପଣାଇ ଛାତ୍ରଛାତ୍ରୀଙ୍କ ପାଇଁ ଶିକ୍ଷାକୁ ଆକର୍ଷଣୀୟ ଓ ପ୍ରଭାବଶାଳୀ କରାଯିବ । ଗୋଟିଏ ବର୍ଷ ମଧ୍ୟରେ ରାଜ୍ୟର ୨୨୦୦ ବିଦ୍ୟାଳୟରେ ସ୍ମାର୍ଟ କ୍ଲାସ ବ୍ୟବସ୍ଥା କରାଯାଇଛି ଏବଂ ଶିକ୍ଷକମାନଙ୍କୁ ବିଶେଷ ତାଲିମ ଦିଆଯାଉଛି । ବିଦ୍ୟାଳୟ ଶିକ୍ଷା କ୍ଷେତ୍ରରେ ନୂତନ ପଦ୍ଧତି ଆପଣାଇ ଛାତ୍ରଛାତ୍ରୀଙ୍କ ପାଇଁ ଶିକ୍ଷାକୁ ଆକର୍ଷଣୀୟ ଓ ପ୍ରଭାବଶାଳୀ କରାଯିବ । ଗୋଟିଏ ବର୍ଷ ମଧ୍ୟରେ ରାଜ୍ୟର ୨୨୦୦ ବିଦ୍ୟାଳୟରେ ସ୍ମାର୍ଟ କ୍ଲାସ ବ୍ୟବସ୍ଥା କରାଯାଇଛି ଏବଂ ଶିକ୍ଷକମାନଙ୍କୁ ବିଶେଷ ତାଲିମ ଦିଆଯାଉଛି ।
ନୂଆପଡ଼ାରେ ବାଜି ...
ଅଭିଯାନ ଆରମ୍ଭ ହୋଇଥିଲା । ପ୍ରଥମ ରାଉଣ୍ଡରୁ ୪୯୦୪ ଭୋଟ ପାଇ ଜୟ ଆଗୁଆ ରହିଥିଲେ । ସ୍ନେହାଙ୍ଗୀନୀ ୧୩୫୭ ଓ ଘାସିରାମ ୧୩୦୮ ଭୋଟ ପାଇଥିଲେ । ୨ୟ ରାଉଣ୍ଡରେ ଜୟ ୧୦,୪୮୬ ଭୋଟରେ ଆଗୁଆ ଥିଲେ । ସ୍ନେହାଙ୍ଗୀନୀ ୨୯୨୩ ଓ ଘାସିରାମ ୨୨୩୪ ଭୋଟ ପାଇଥିଲେ । ତେବେ ରାଉଣ୍ଡ ବଢ଼ିବା ସହ ଜୟଙ୍କ ଭୋଟ ବ୍ୟବଧାନ ବଢ଼ି ଚାଲିଥିଲା । ବିଜୟ ଅଭିମୁଖେ ଜୟଙ୍କ ବିଜୟଯାତ୍ରା ଜାରି ରହିଥିଲା । ଶେଷରେ ଜୟ ବିପୁଳ ଭୋଟ ବ୍ୟବଧାନରେ ବିଜୟୀ ହୋଇଥିଲେ ।
